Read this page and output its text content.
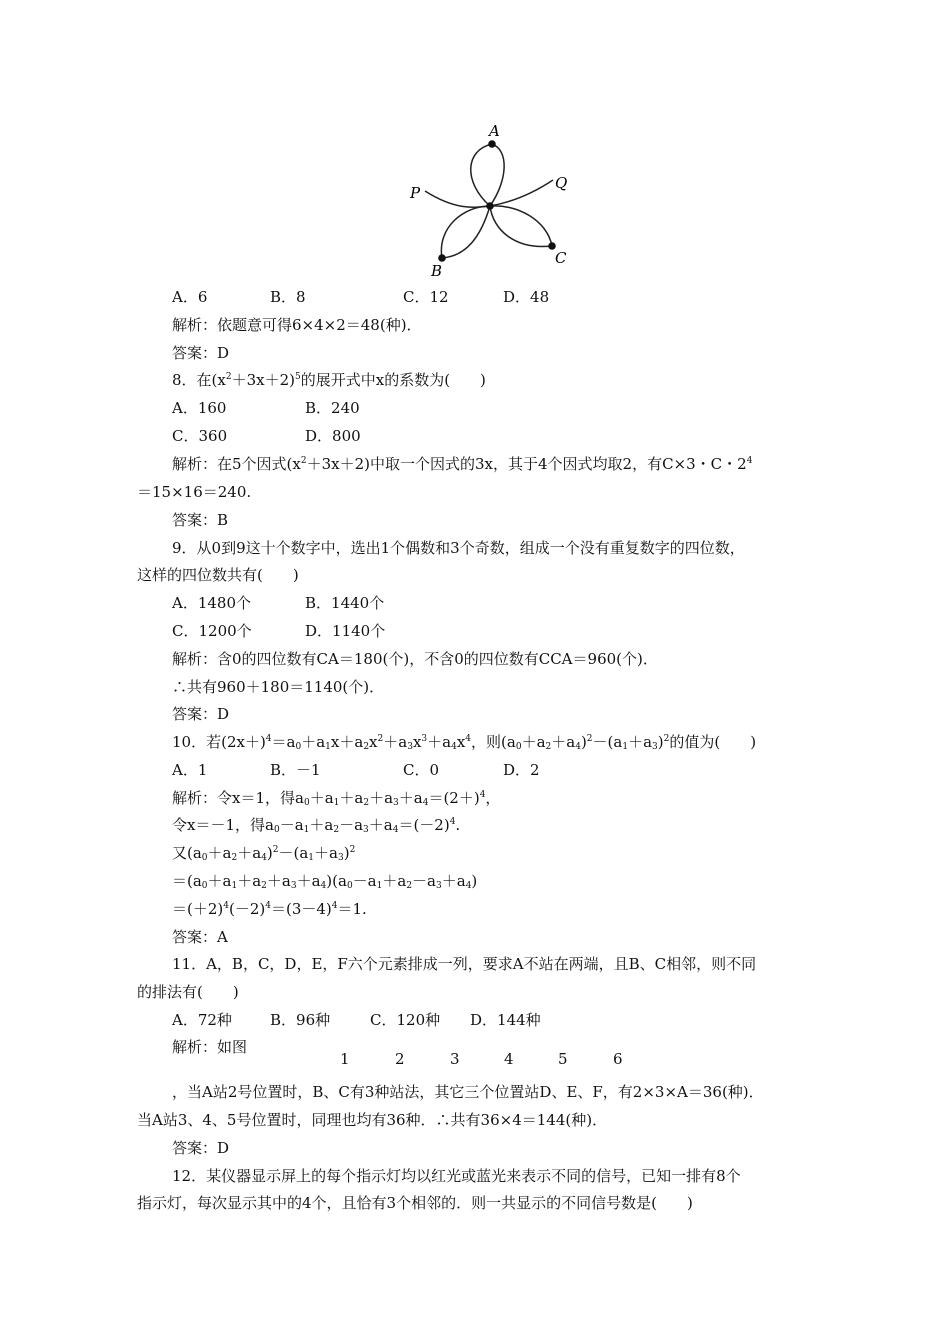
A
P
Q
B
C
A．6	B．8	C．12	D．48
解析：依题意可得6×4×2＝48(种)．
答案：D
8．在$(x^2+3x+2)^5$的展开式中x的系数为(　　)
A．160	B．240
C．360	D．800
解析：在5个因式$(x^2+3x+2)$中取一个因式的3x，其于4个因式均取2，有C×3・C・$2^4$
＝15×16＝240.
答案：B
9．从0到9这十个数字中，选出1个偶数和3个奇数，组成一个没有重复数字的四位数，
这样的四位数共有(　　)
A．1480个	B．1440个
C．1200个	D．1140个
解析：含0的四位数有CA＝180(个)，不含0的四位数有CCA＝960(个)．
∴共有960＋180＝1140(个)．
答案：D
10．若$(2x+)^4=a_0+a_1x+a_2x^2+a_3x^3+a_4x^4$，则$(a_0+a_2+a_4)^2-(a_1+a_3)^2$的值为(　　)
A．1	B．－1	C．0	D．2
解析：令x＝1，得$a_0+a_1+a_2+a_3+a_4=(2+)^4$，
令x＝－1，得$a_0-a_1+a_2-a_3+a_4=(-2)^4$.
又$(a_0+a_2+a_4)^2-(a_1+a_3)^2$
$=(a_0+a_1+a_2+a_3+a_4)(a_0-a_1+a_2-a_3+a_4)$
$=(+2)^4(-2)^4=(3-4)^4=1$.
答案：A
11．A，B，C，D，E，F六个元素排成一列，要求A不站在两端，且B、C相邻，则不同
的排法有(　　)
A．72种	B．96种	C．120种 D．144种
解析：如图
1	2	3	4	5	6
，当A站2号位置时，B、C有3种站法，其它三个位置站D、E、F，有2×3×A＝36(种)．
当A站3、4、5号位置时，同理也均有36种．∴共有36×4＝144(种)．
答案：D
12．某仪器显示屏上的每个指示灯均以红光或蓝光来表示不同的信号，已知一排有8个
指示灯，每次显示其中的4个，且恰有3个相邻的．则一共显示的不同信号数是(　　)
